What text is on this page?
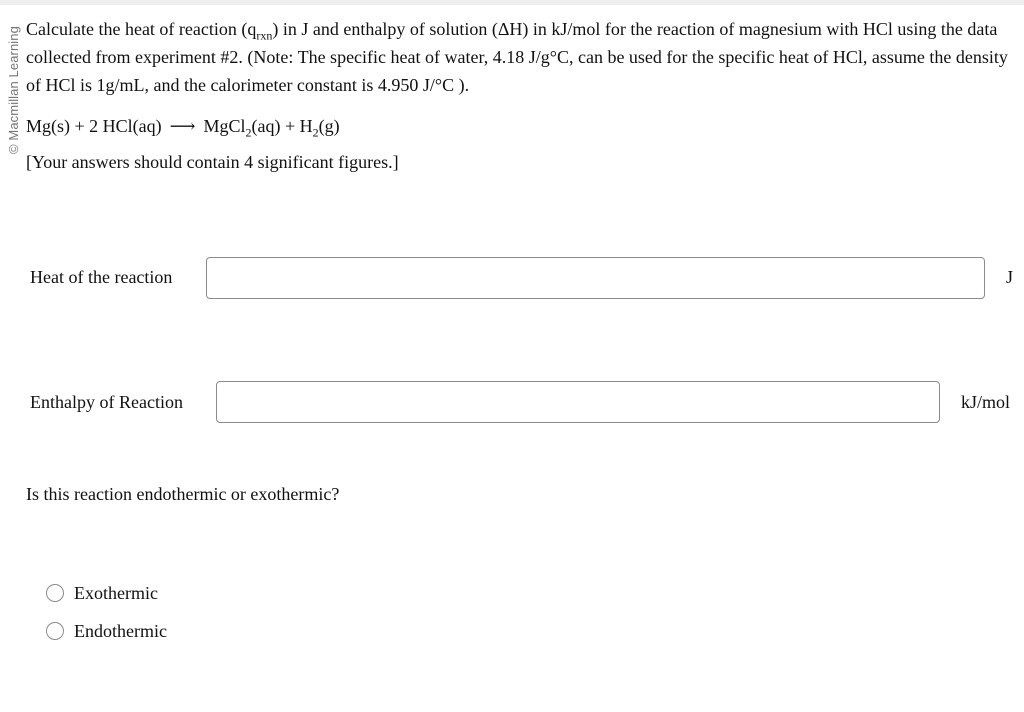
© Macmillan Learning Calculate the heat of reaction $(q_{rxn})$ in J and enthalpy of solution (ΔH) in kJ/mol for the reaction of magnesium with HCl using the data collected from experiment #2. (Note: The specific heat of water, 4.18 J/g°C, can be used for the specific heat of HCl, assume the density of HCl is 1g/mL, and the calorimeter constant is 4.950 J/°C ).
Mg(s) + 2 HCl(aq) ⟶ MgCl$_2$(aq) + $H_2(g)$
[Your answers should contain 4 significant figures.]
Heat of the reaction	J
Enthalpy of Reaction	kJ/mol
Is this reaction endothermic or exothermic?
Exothermic
Endothermic
